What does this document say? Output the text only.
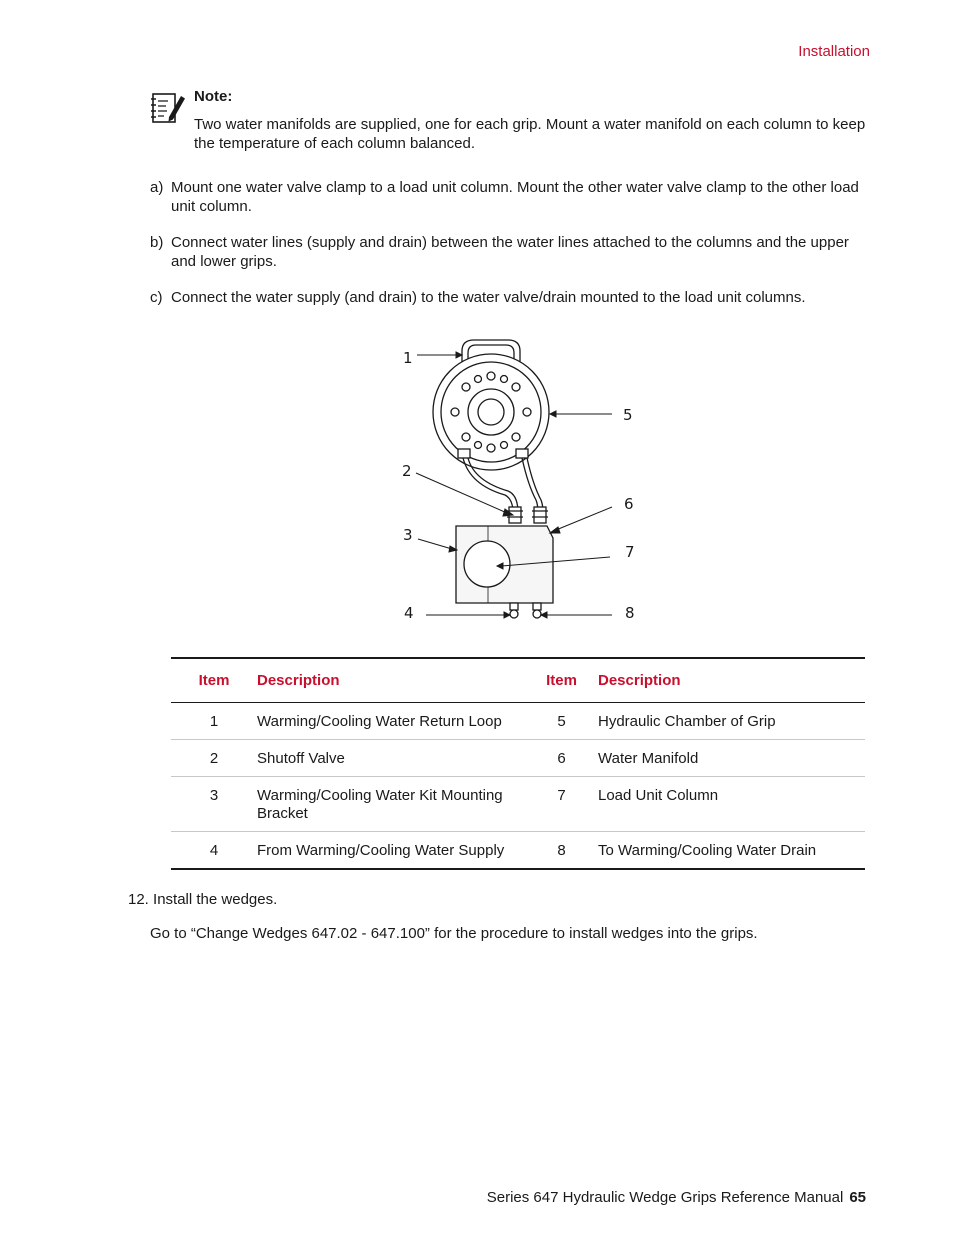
Installation
Note:
Two water manifolds are supplied, one for each grip. Mount a water manifold on each column to keep the temperature of each column balanced.
a) Mount one water valve clamp to a load unit column. Mount the other water valve clamp to the other load unit column.
b) Connect water lines (supply and drain) between the water lines attached to the columns and the upper and lower grips.
c) Connect the water supply (and drain) to the water valve/drain mounted to the load unit columns.
1
2
3
4
5
6
7
8
Item	Description	Item	Description
1	Warming/Cooling Water Return Loop	5	Hydraulic Chamber of Grip
2	Shutoff Valve	6	Water Manifold
3	Warming/Cooling Water Kit Mounting Bracket	7	Load Unit Column
4	From Warming/Cooling Water Supply	8	To Warming/Cooling Water Drain
12. Install the wedges.
Go to “Change Wedges 647.02 - 647.100” for the procedure to install wedges into the grips.
Series 647 Hydraulic Wedge Grips Reference Manual 65
